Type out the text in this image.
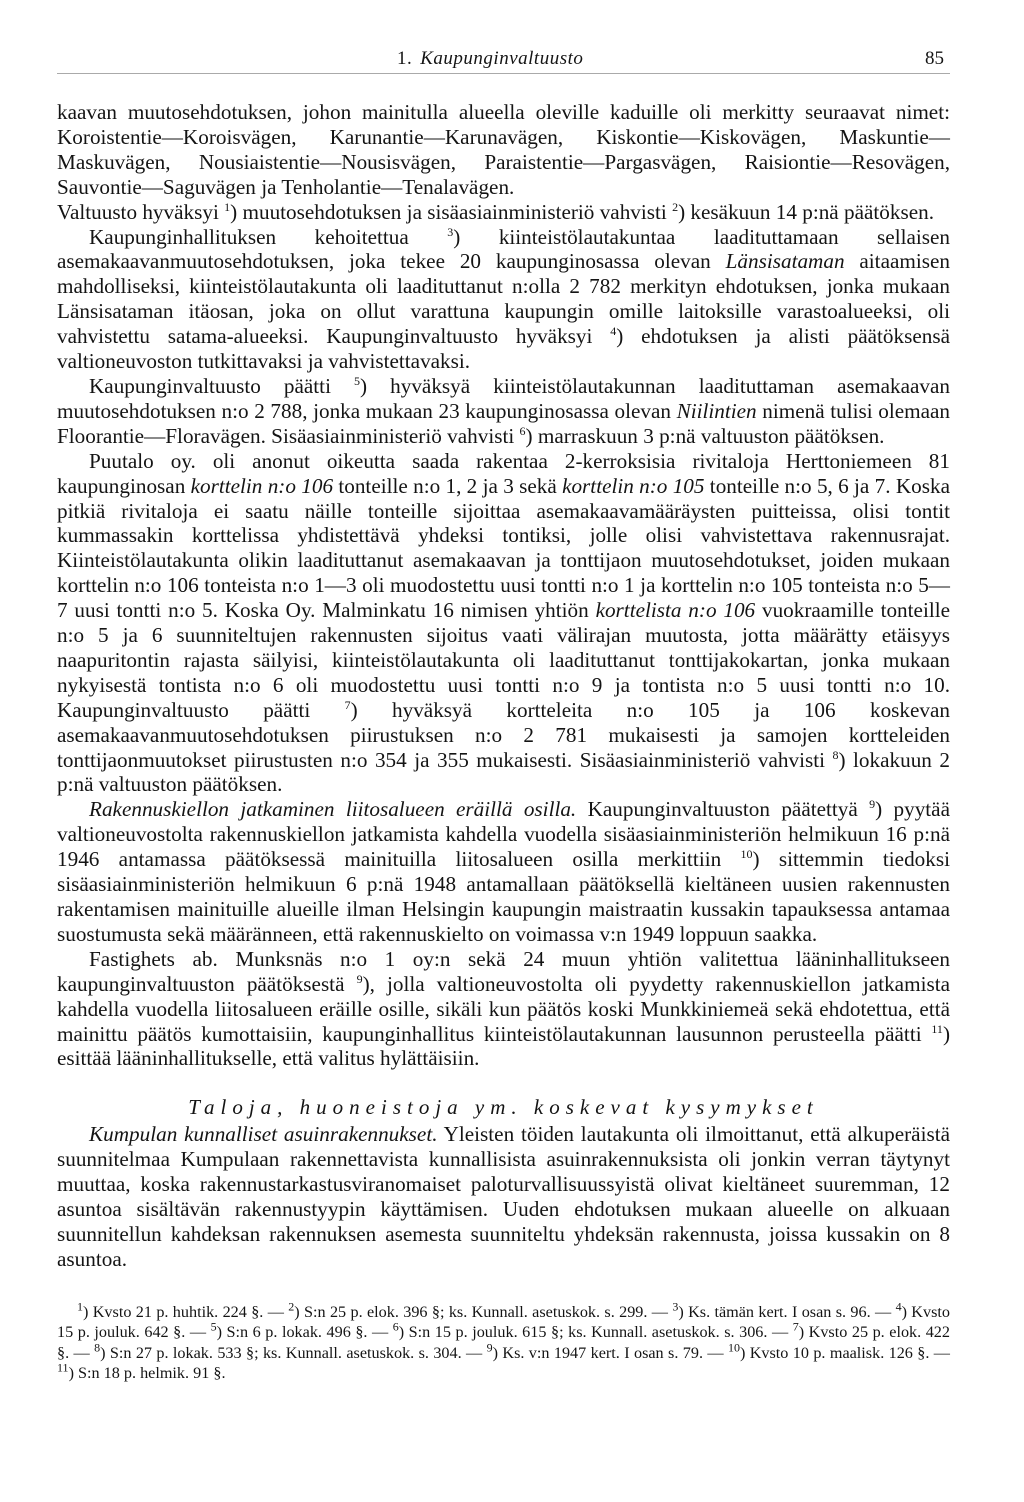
1. Kaupunginvaltuusto	85

kaavan muutosehdotuksen, johon mainitulla alueella oleville kaduille oli merkitty seuraavat nimet: Koroistentie—Koroisvägen, Karunantie—Karunavägen, Kiskontie—Kiskovägen, Maskuntie—Maskuvägen, Nousiaistentie—Nousisvägen, Paraistentie—Pargasvägen, Raisiontie—Resovägen, Sauvontie—Saguvägen ja Tenholantie—Tenalavägen.

Valtuusto hyväksyi $^1$) muutosehdotuksen ja sisäasiainministeriö vahvisti $^2$) kesäkuun 14 p:nä päätöksen.

Kaupunginhallituksen kehoitettua $^3$) kiinteistölautakuntaa laadituttamaan sellaisen asemakaavanmuutosehdotuksen, joka tekee 20 kaupunginosassa olevan Länsisataman aitaamisen mahdolliseksi, kiinteistölautakunta oli laadituttanut n:olla 2 782 merkityn ehdotuksen, jonka mukaan Länsisataman itäosan, joka on ollut varattuna kaupungin omille laitoksille varastoalueeksi, oli vahvistettu satama-alueeksi. Kaupunginvaltuusto hyväksyi $^4$) ehdotuksen ja alisti päätöksensä valtioneuvoston tutkittavaksi ja vahvistettavaksi.

Kaupunginvaltuusto päätti $^5$) hyväksyä kiinteistölautakunnan laadituttaman asemakaavan muutosehdotuksen n:o 2 788, jonka mukaan 23 kaupunginosassa olevan Niilintien nimenä tulisi olemaan Floorantie—Floravägen. Sisäasiainministeriö vahvisti $^6$) marraskuun 3 p:nä valtuuston päätöksen.

Puutalo oy. oli anonut oikeutta saada rakentaa 2-kerroksisia rivitaloja Herttoniemeen 81 kaupunginosan korttelin n:o 106 tonteille n:o 1, 2 ja 3 sekä korttelin n:o 105 tonteille n:o 5, 6 ja 7. Koska pitkiä rivitaloja ei saatu näille tonteille sijoittaa asemakaavamääräysten puitteissa, olisi tontit kummassakin korttelissa yhdistettävä yhdeksi tontiksi, jolle olisi vahvistettava rakennusrajat. Kiinteistölautakunta olikin laadituttanut asemakaavan ja tonttijaon muutosehdotukset, joiden mukaan korttelin n:o 106 tonteista n:o 1—3 oli muodostettu uusi tontti n:o 1 ja korttelin n:o 105 tonteista n:o 5—7 uusi tontti n:o 5. Koska Oy. Malminkatu 16 nimisen yhtiön korttelista n:o 106 vuokraamille tonteille n:o 5 ja 6 suunniteltujen rakennusten sijoitus vaati välirajan muutosta, jotta määrätty etäisyys naapuritontin rajasta säilyisi, kiinteistölautakunta oli laadituttanut tonttijakokartan, jonka mukaan nykyisestä tontista n:o 6 oli muodostettu uusi tontti n:o 9 ja tontista n:o 5 uusi tontti n:o 10. Kaupunginvaltuusto päätti $^7$) hyväksyä kortteleita n:o 105 ja 106 koskevan asemakaavanmuutosehdotuksen piirustuksen n:o 2 781 mukaisesti ja samojen kortteleiden tonttijaonmuutokset piirustusten n:o 354 ja 355 mukaisesti. Sisäasiainministeriö vahvisti $^8$) lokakuun 2 p:nä valtuuston päätöksen.

Rakennuskiellon jatkaminen liitosalueen eräillä osilla. Kaupunginvaltuuston päätettyä $^9$) pyytää valtioneuvostolta rakennuskiellon jatkamista kahdella vuodella sisäasiainministeriön helmikuun 16 p:nä 1946 antamassa päätöksessä mainituilla liitosalueen osilla merkittiin $^{10}$) sittemmin tiedoksi sisäasiainministeriön helmikuun 6 p:nä 1948 antamallaan päätöksellä kieltäneen uusien rakennusten rakentamisen mainituille alueille ilman Helsingin kaupungin maistraatin kussakin tapauksessa antamaa suostumusta sekä määränneen, että rakennuskielto on voimassa v:n 1949 loppuun saakka.

Fastighets ab. Munksnäs n:o 1 oy:n sekä 24 muun yhtiön valitettua lääninhallitukseen kaupunginvaltuuston päätöksestä $^9$), jolla valtioneuvostolta oli pyydetty rakennuskiellon jatkamista kahdella vuodella liitosalueen eräille osille, sikäli kun päätös koski Munkkiniemeä sekä ehdotettua, että mainittu päätös kumottaisiin, kaupunginhallitus kiinteistölautakunnan lausunnon perusteella päätti $^{11}$) esittää lääninhallitukselle, että valitus hylättäisiin.

Taloja, huoneistoja ym. koskevat kysymykset

Kumpulan kunnalliset asuinrakennukset. Yleisten töiden lautakunta oli ilmoittanut, että alkuperäistä suunnitelmaa Kumpulaan rakennettavista kunnallisista asuinrakennuksista oli jonkin verran täytynyt muuttaa, koska rakennustarkastusviranomaiset paloturvallisuussyistä olivat kieltäneet suuremman, 12 asuntoa sisältävän rakennustyypin käyttämisen. Uuden ehdotuksen mukaan alueelle on alkuaan suunnitellun kahdeksan rakennuksen asemesta suunniteltu yhdeksän rakennusta, joissa kussakin on 8 asuntoa.

$^1$) Kvsto 21 p. huhtik. 224 §. — $^2$) S:n 25 p. elok. 396 §; ks. Kunnall. asetuskok. s. 299. — $^3$) Ks. tämän kert. I osan s. 96. — $^4$) Kvsto 15 p. jouluk. 642 §. — $^5$) S:n 6 p. lokak. 496 §. — $^6$) S:n 15 p. jouluk. 615 §; ks. Kunnall. asetuskok. s. 306. — $^7$) Kvsto 25 p. elok. 422 §. — $^8$) S:n 27 p. lokak. 533 §; ks. Kunnall. asetuskok. s. 304. — $^9$) Ks. v:n 1947 kert. I osan s. 79. — $^{10}$) Kvsto 10 p. maalisk. 126 §. — $^{11}$) S:n 18 p. helmik. 91 §.
